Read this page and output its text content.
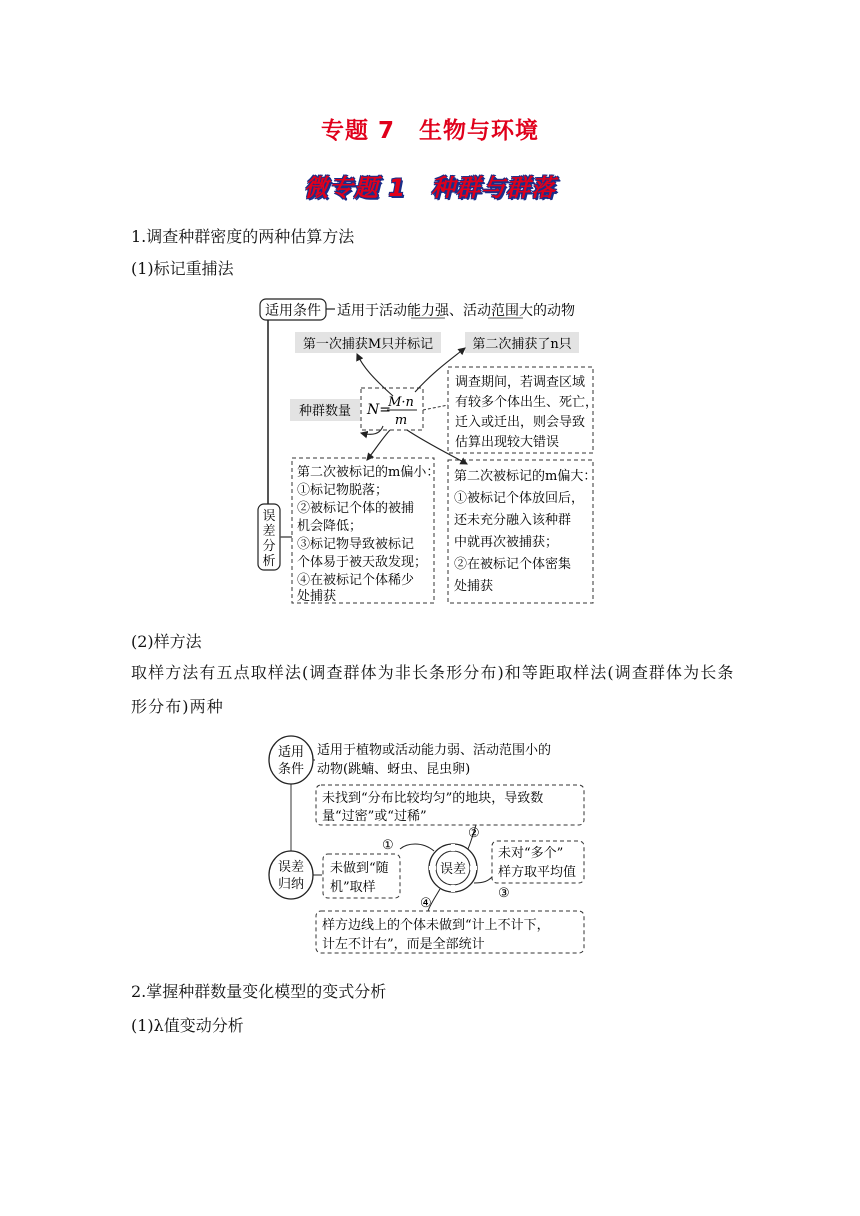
专题 7　生物与环境
微专题 1　种群与群落
1.调查种群密度的两种估算方法
(1)标记重捕法
适用条件 适用于活动能力强、活动范围大的动物
第一次捕获M只并标记	第二次捕获了n只
种群数量 N=
M·n
m
调查期间，若调查区域
有较多个体出生、死亡，
迁入或迁出，则会导致
估算出现较大错误
误
差
分
析
第二次被标记的m偏小：
①标记物脱落；
②被标记个体的被捕
机会降低；
③标记物导致被标记
个体易于被天敌发现；
④在被标记个体稀少
处捕获
第二次被标记的m偏大：
①被标记个体放回后，
还未充分融入该种群
中就再次被捕获；
②在被标记个体密集
处捕获
(2)样方法
取样方法有五点取样法(调查群体为非长条形分布)和等距取样法(调查群体为长条形分布)两种
适用
条件
适用于植物或活动能力弱、活动范围小的
动物(跳蝻、蚜虫、昆虫卵)
误差
归纳
未找到“分布比较均匀”的地块，导致数
量“过密”或“过稀”
未做到“随
机”取样
误差
未对“多个”
样方取平均值
样方边线上的个体未做到“计上不计下，
计左不计右”，而是全部统计
①
②
③
④
2.掌握种群数量变化模型的变式分析
(1)λ值变动分析
